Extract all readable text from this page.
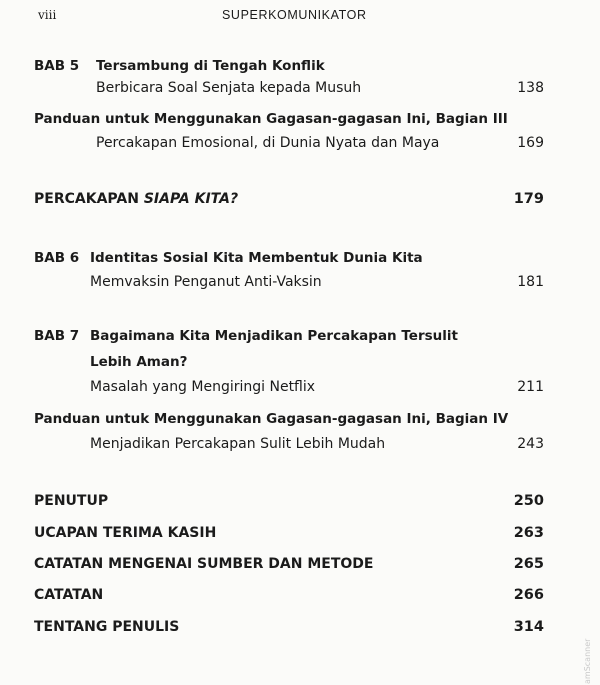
viii	SUPERKOMUNIKATOR
BAB 5 Tersambung di Tengah Konflik
Berbicara Soal Senjata kepada Musuh	138
Panduan untuk Menggunakan Gagasan-gagasan Ini, Bagian III
Percakapan Emosional, di Dunia Nyata dan Maya	169
PERCAKAPAN SIAPA KITA?	179
BAB 6 Identitas Sosial Kita Membentuk Dunia Kita
Memvaksin Penganut Anti-Vaksin	181
BAB 7 Bagaimana Kita Menjadikan Percakapan Tersulit
Lebih Aman?
Masalah yang Mengiringi Netflix	211
Panduan untuk Menggunakan Gagasan-gagasan Ini, Bagian IV
Menjadikan Percakapan Sulit Lebih Mudah	243
PENUTUP	250
UCAPAN TERIMA KASIH	263
CATATAN MENGENAI SUMBER DAN METODE	265
CATATAN	266
TENTANG PENULIS	314
amScanner
